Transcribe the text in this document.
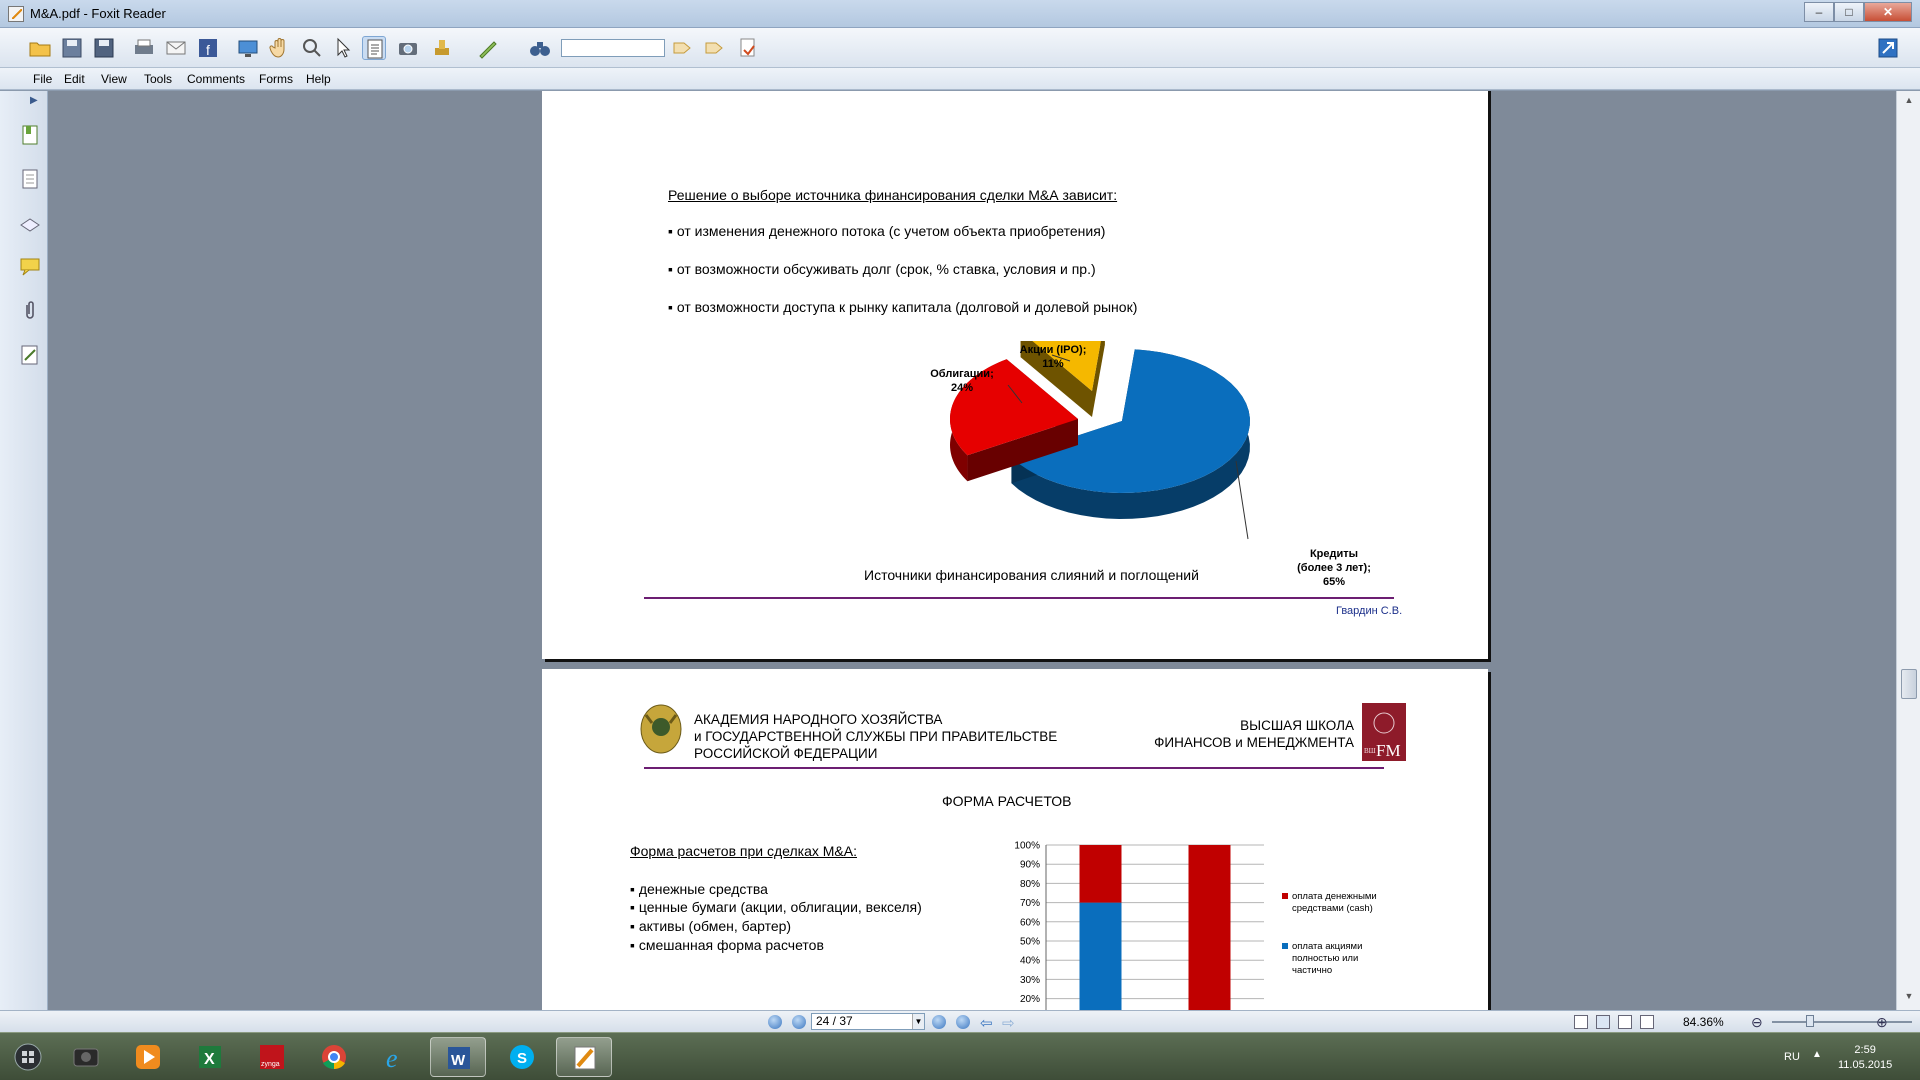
M&A.pdf - Foxit Reader	–	□	✕
f
File Edit View Tools Comments Forms Help
▶
Решение о выборе источника финансирования сделки М&А зависит:
▪ от изменения денежного потока (с учетом объекта приобретения)
▪ от возможности обсуживать долг (срок, % ставка, условия и пр.)
▪ от возможности доступа к рынку капитала (долговой и долевой рынок)
Акции (IPO);
11%
Облигации;
24%
Кредиты
(более 3 лет);
65%
Источники финансирования слияний и поглощений
Гвардин С.В.
АКАДЕМИЯ НАРОДНОГО ХОЗЯЙСТВА
и ГОСУДАРСТВЕННОЙ СЛУЖБЫ ПРИ ПРАВИТЕЛЬСТВЕ
РОССИЙСКОЙ ФЕДЕРАЦИИ
ВЫСШАЯ ШКОЛА
ФИНАНСОВ и МЕНЕДЖМЕНТА
ВШ FM
ФОРМА РАСЧЕТОВ
Форма расчетов при сделках М&А:
▪ денежные средства
▪ ценные бумаги (акции, облигации, векселя)
▪ активы (обмен, бартер)
▪ смешанная форма расчетов
20%
30%
40%
50%
60%
70%
80%
90%
100%
оплата денежными
средствами (cash)
оплата акциями
полностью или
частично
▲
▼
24 / 37	▼	⇦ ⇨	84.36% ⊖	⊕
X	zynga	e	W	S	RU ▲	2:59
11.05.2015
